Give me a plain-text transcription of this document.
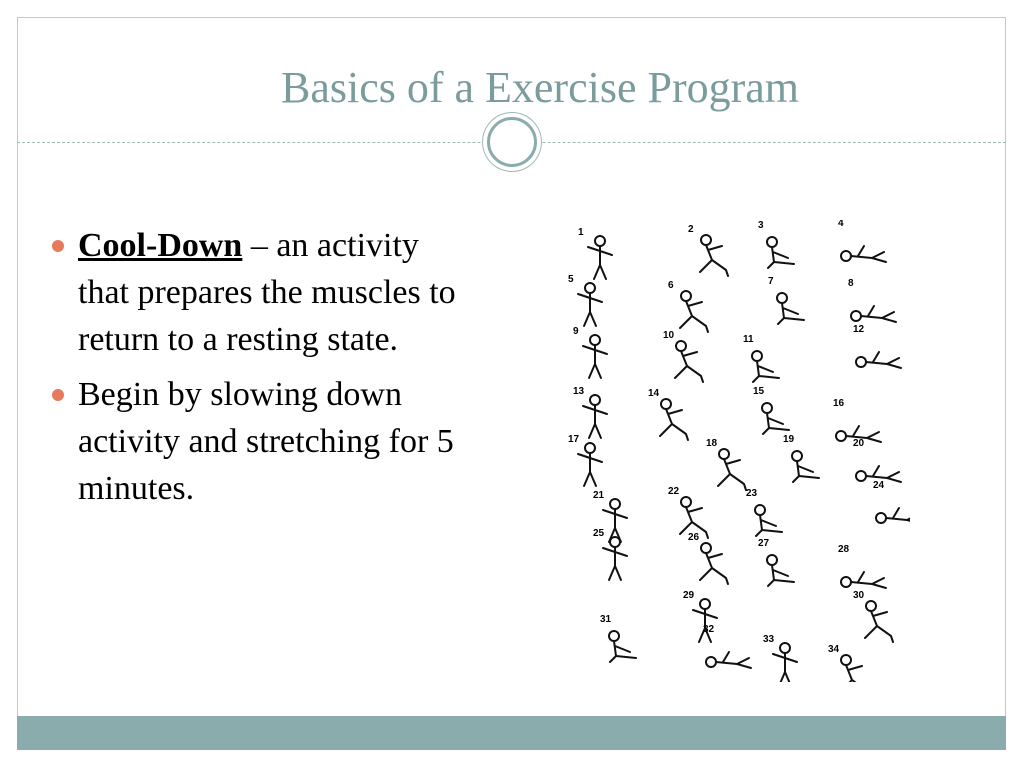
Basics of a Exercise Program
Cool-Down – an activity that prepares the muscles to return to a resting state.
Begin by slowing down activity and stretching for 5 minutes.
1	2	3	4
5
6	7	8
9	10	11
12
13	14	15
16
17	18	19	20
21	22	23
24
25	26
27
28
29	30
31
32
33
34
